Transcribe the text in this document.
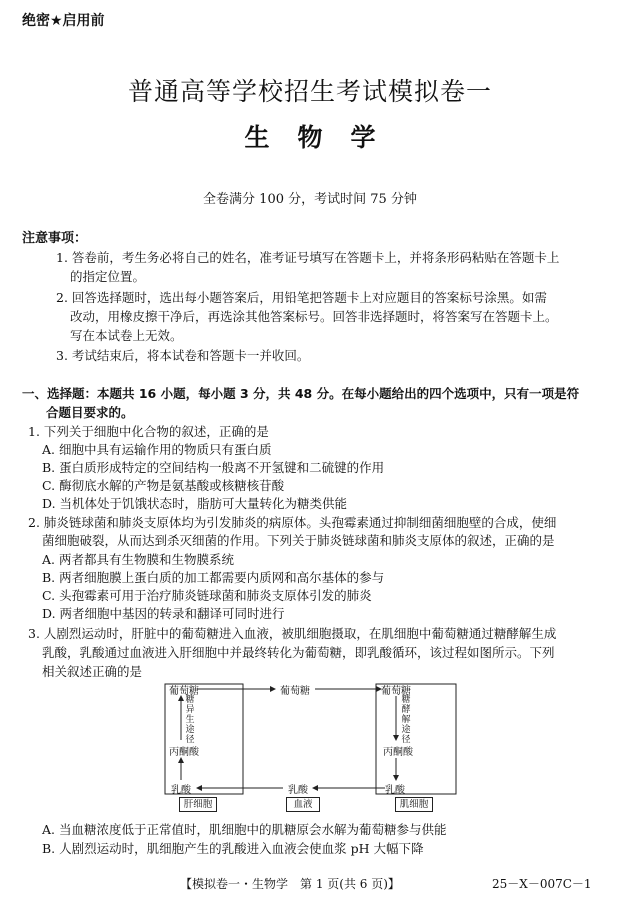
绝密★启用前
普通高等学校招生考试模拟卷一
生物学
全卷满分 100 分，考试时间 75 分钟
注意事项：
1. 答卷前，考生务必将自己的姓名，准考证号填写在答题卡上，并将条形码粘贴在答题卡上
的指定位置。
2. 回答选择题时，选出每小题答案后，用铅笔把答题卡上对应题目的答案标号涂黑。如需
改动，用橡皮擦干净后，再选涂其他答案标号。回答非选择题时，将答案写在答题卡上。
写在本试卷上无效。
3. 考试结束后，将本试卷和答题卡一并收回。
一、选择题：本题共 16 小题，每小题 3 分，共 48 分。在每小题给出的四个选项中，只有一项是符
合题目要求的。
1. 下列关于细胞中化合物的叙述，正确的是
A. 细胞中具有运输作用的物质只有蛋白质
B. 蛋白质形成特定的空间结构一般离不开氢键和二硫键的作用
C. 酶彻底水解的产物是氨基酸或核糖核苷酸
D. 当机体处于饥饿状态时，脂肪可大量转化为糖类供能
2. 肺炎链球菌和肺炎支原体均为引发肺炎的病原体。头孢霉素通过抑制细菌细胞壁的合成，使细
菌细胞破裂，从而达到杀灭细菌的作用。下列关于肺炎链球菌和肺炎支原体的叙述，正确的是
A. 两者都具有生物膜和生物膜系统
B. 两者细胞膜上蛋白质的加工都需要内质网和高尔基体的参与
C. 头孢霉素可用于治疗肺炎链球菌和肺炎支原体引发的肺炎
D. 两者细胞中基因的转录和翻译可同时进行
3. 人剧烈运动时，肝脏中的葡萄糖进入血液，被肌细胞摄取，在肌细胞中葡萄糖通过糖酵解生成
乳酸，乳酸通过血液进入肝细胞中并最终转化为葡萄糖，即乳酸循环，该过程如图所示。下列
相关叙述正确的是
葡萄糖	葡萄糖	葡萄糖
糖异生途径
糖酵解途径
丙酮酸	丙酮酸
乳酸	乳酸	乳酸
肝细胞	血液	肌细胞
A. 当血糖浓度低于正常值时，肌细胞中的肌糖原会水解为葡萄糖参与供能
B. 人剧烈运动时，肌细胞产生的乳酸进入血液会使血浆 pH 大幅下降
【模拟卷一・生物学　第 1 页(共 6 页)】	25－X－007C－1
